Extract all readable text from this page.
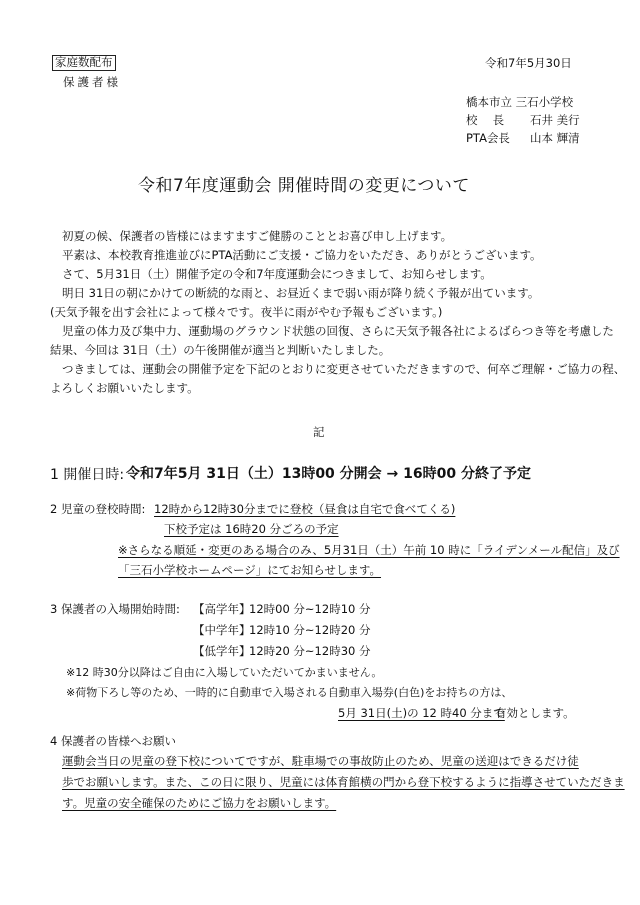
家庭数配布
保護者様
令和7年5月30日
橋本市立 三石小学校
校　 長 石井 美行
PTA会長 山本 輝清
令和7年度運動会 開催時間の変更について
初夏の候、保護者の皆様にはますますご健勝のこととお喜び申し上げます。
平素は、本校教育推進並びにPTA活動にご支援・ご協力をいただき、ありがとうございます。
さて、5月31日（土）開催予定の令和7年度運動会につきまして、お知らせします。
明日 31日の朝にかけての断続的な雨と、お昼近くまで弱い雨が降り続く予報が出ています。
(天気予報を出す会社によって様々です。夜半に雨がやむ予報もございます。)
児童の体力及び集中力、運動場のグラウンド状態の回復、さらに天気予報各社によるばらつき等を考慮した
結果、今回は 31日（土）の午後開催が適当と判断いたしました。
つきましては、運動会の開催予定を下記のとおりに変更させていただきますので、何卒ご理解・ご協力の程、
よろしくお願いいたします。
記
1 開催日時: 令和7年5月 31日（土）13時00 分開会 → 16時00 分終了予定
2 児童の登校時間: 12時から12時30分までに登校（昼食は自宅で食べてくる)
下校予定は 16時20 分ごろの予定
※さらなる順延・変更のある場合のみ、5月31日（土）午前 10 時に「ライデンメール配信」及び
「三石小学校ホームページ」にてお知らせします。
3 保護者の入場開始時間: 【高学年】
12時00 分~12時10 分
【中学年】
12時10 分~12時20 分
【低学年】
12時20 分~12時30 分
※12 時30分以降はご自由に入場していただいてかまいません。
※荷物下ろし等のため、一時的に自動車で入場される自動車入場券(白色)をお持ちの方は、
5月 31日(土)の 12 時40 分まで
有効とします。
4 保護者の皆様へお願い
運動会当日の児童の登下校についてですが、駐車場での事故防止のため、児童の送迎はできるだけ徒
歩でお願いします。また、この日に限り、児童には体育館横の門から登下校するように指導させていただきま
す。児童の安全確保のためにご協力をお願いします。
